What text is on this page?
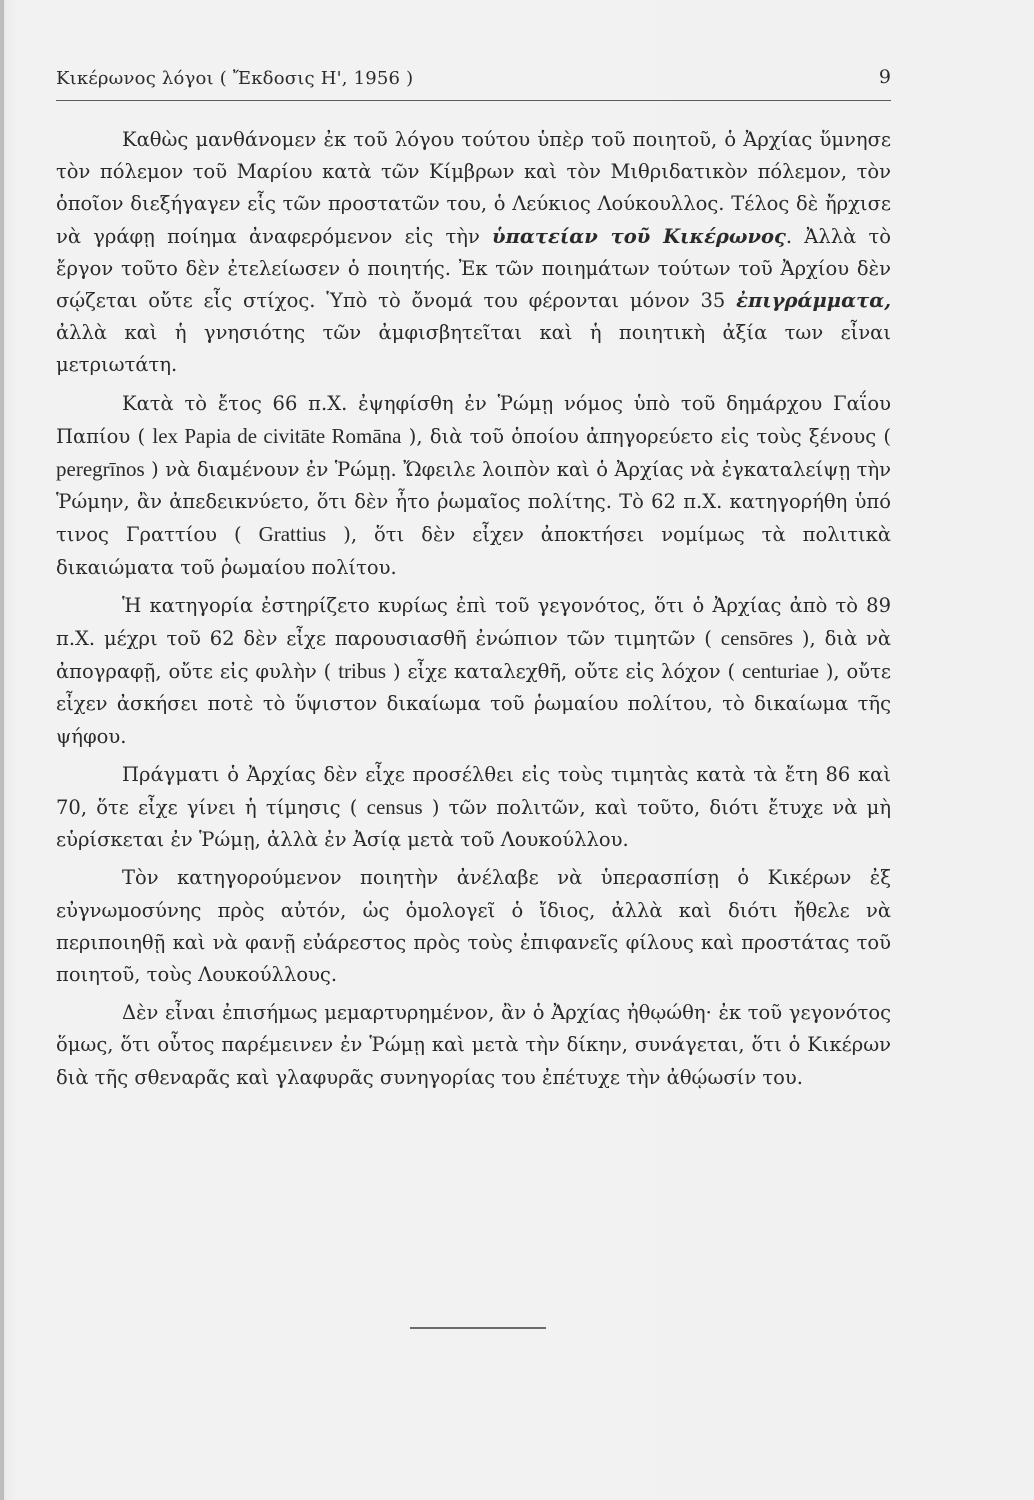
Κικέρωνος λόγοι ( Ἔκδοσις Η', 1956 )	9

Καθὼς μανθάνομεν ἐκ τοῦ λόγου τούτου ὑπὲρ τοῦ ποιητοῦ, ὁ Ἀρχίας ὕμνησε τὸν πόλεμον τοῦ Μαρίου κατὰ τῶν Κίμβρων καὶ τὸν Μιθριδατικὸν πόλεμον, τὸν ὁποῖον διεξήγαγεν εἷς τῶν προστατῶν του, ὁ Λεύκιος Λούκουλλος. Τέλος δὲ ἤρχισε νὰ γράφῃ ποίημα ἀναφερόμενον εἰς τὴν ὑπατείαν τοῦ Κικέρωνος. Ἀλλὰ τὸ ἔργον τοῦτο δὲν ἐτελείωσεν ὁ ποιητής. Ἐκ τῶν ποιημάτων τούτων τοῦ Ἀρχίου δὲν σῴζεται οὔτε εἷς στίχος. Ὑπὸ τὸ ὄνομά του φέρονται μόνον 35 ἐπιγράμματα, ἀλλὰ καὶ ἡ γνησιότης τῶν ἀμφισβητεῖται καὶ ἡ ποιητικὴ ἀξία των εἶναι μετριωτάτη.

Κατὰ τὸ ἔτος 66 π.Χ. ἐψηφίσθη ἐν Ῥώμῃ νόμος ὑπὸ τοῦ δημάρχου Γαΐου Παπίου ( lex Papia de civitāte Romāna ), διὰ τοῦ ὁποίου ἀπηγορεύετο εἰς τοὺς ξένους ( peregrīnos ) νὰ διαμένουν ἐν Ῥώμῃ. Ὤφειλε λοιπὸν καὶ ὁ Ἀρχίας νὰ ἐγκαταλείψῃ τὴν Ῥώμην, ἂν ἀπεδεικνύετο, ὅτι δὲν ἦτο ῥωμαῖος πολίτης. Τὸ 62 π.Χ. κατηγορήθη ὑπό τινος Γραττίου ( Grattius ), ὅτι δὲν εἶχεν ἀποκτήσει νομίμως τὰ πολιτικὰ δικαιώματα τοῦ ῥωμαίου πολίτου.

Ἡ κατηγορία ἐστηρίζετο κυρίως ἐπὶ τοῦ γεγονότος, ὅτι ὁ Ἀρχίας ἀπὸ τὸ 89 π.Χ. μέχρι τοῦ 62 δὲν εἶχε παρουσιασθῆ ἐνώπιον τῶν τιμητῶν ( censōres ), διὰ νὰ ἀπογραφῇ, οὔτε εἰς φυλὴν ( tribus ) εἶχε καταλεχθῆ, οὔτε εἰς λόχον ( centuriae ), οὔτε εἶχεν ἀσκήσει ποτὲ τὸ ὕψιστον δικαίωμα τοῦ ῥωμαίου πολίτου, τὸ δικαίωμα τῆς ψήφου.

Πράγματι ὁ Ἀρχίας δὲν εἶχε προσέλθει εἰς τοὺς τιμητὰς κατὰ τὰ ἔτη 86 καὶ 70, ὅτε εἶχε γίνει ἡ τίμησις ( census ) τῶν πολιτῶν, καὶ τοῦτο, διότι ἔτυχε νὰ μὴ εὑρίσκεται ἐν Ῥώμῃ, ἀλλὰ ἐν Ἀσίᾳ μετὰ τοῦ Λουκούλλου.

Τὸν κατηγορούμενον ποιητὴν ἀνέλαβε νὰ ὑπερασπίσῃ ὁ Κικέρων ἐξ εὐγνωμοσύνης πρὸς αὐτόν, ὡς ὁμολογεῖ ὁ ἴδιος, ἀλλὰ καὶ διότι ἤθελε νὰ περιποιηθῇ καὶ νὰ φανῇ εὐάρεστος πρὸς τοὺς ἐπιφανεῖς φίλους καὶ προστάτας τοῦ ποιητοῦ, τοὺς Λουκούλλους.

Δὲν εἶναι ἐπισήμως μεμαρτυρημένον, ἂν ὁ Ἀρχίας ἠθῳώθη· ἐκ τοῦ γεγονότος ὅμως, ὅτι οὗτος παρέμεινεν ἐν Ῥώμῃ καὶ μετὰ τὴν δίκην, συνάγεται, ὅτι ὁ Κικέρων διὰ τῆς σθεναρᾶς καὶ γλαφυρᾶς συνηγορίας του ἐπέτυχε τὴν ἀθῴωσίν του.
